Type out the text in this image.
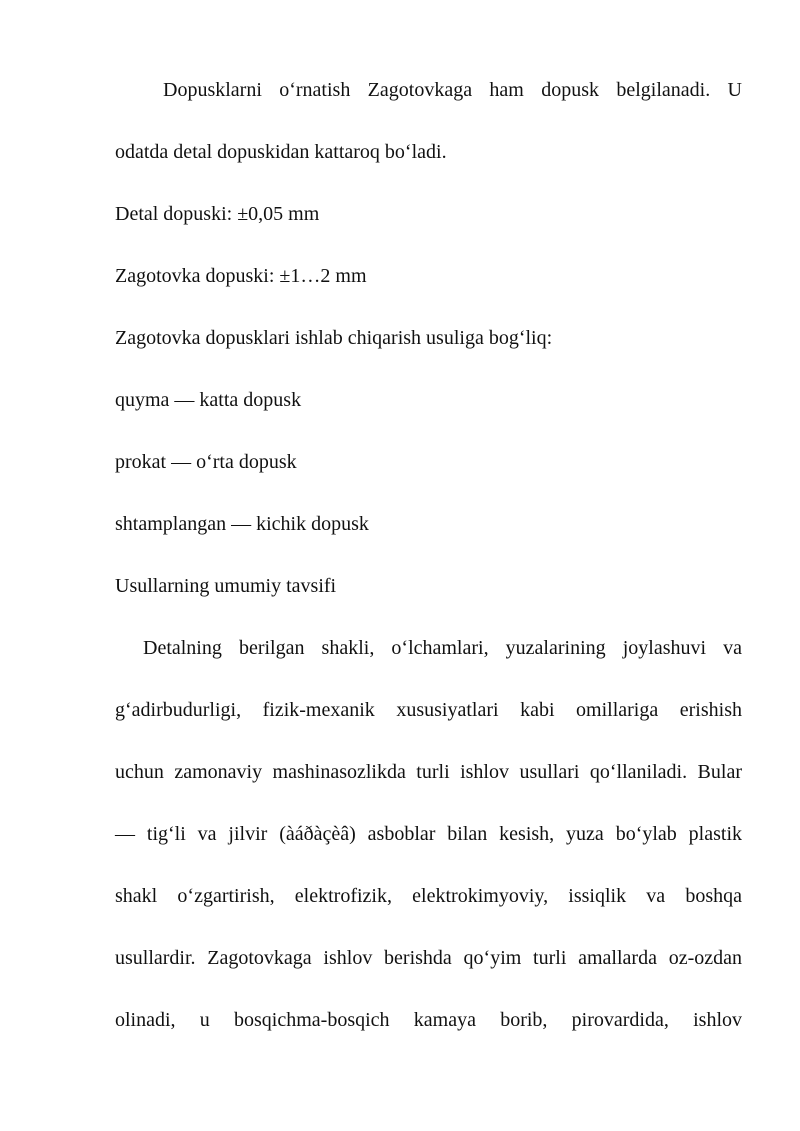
Dopusklarni o‘rnatish Zagotovkaga ham dopusk belgilanadi. U
odatda detal dopuskidan kattaroq bo‘ladi.
Detal dopuski: ±0,05 mm
Zagotovka dopuski: ±1…2 mm
Zagotovka dopusklari ishlab chiqarish usuliga bog‘liq:
quyma — katta dopusk
prokat — o‘rta dopusk
shtamplangan — kichik dopusk
Usullarning umumiy tavsifi
Detalning berilgan shakli, o‘lchamlari, yuzalarining joylashuvi va
g‘adirbudurligi, fizik-mexanik xususiyatlari kabi omillariga erishish
uchun zamonaviy mashinasozlikda turli ishlov usullari qo‘llaniladi. Bular
— tig‘li va jilvir (àáðàçèâ) asboblar bilan kesish, yuza bo‘ylab plastik
shakl o‘zgartirish, elektrofizik, elektrokimyoviy, issiqlik va boshqa
usullardir. Zagotovkaga ishlov berishda qo‘yim turli amallarda oz-ozdan
olinadi, u bosqichma-bosqich kamaya borib, pirovardida, ishlov
